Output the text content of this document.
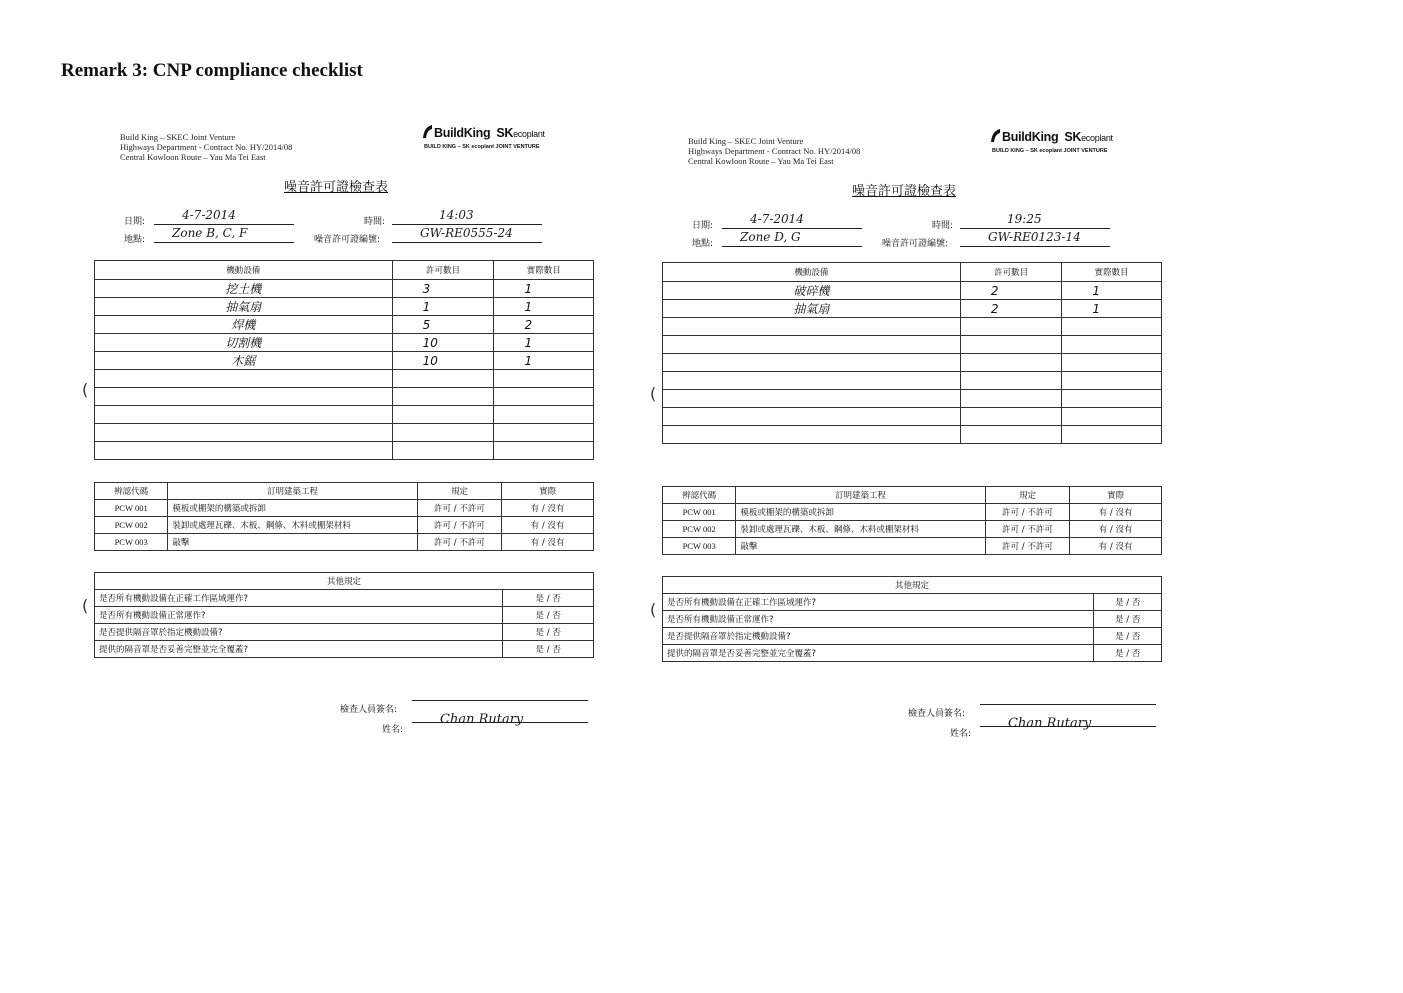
Remark 3: CNP compliance checklist
Build King – SKEC Joint Venture
Highways Department - Contract No. HY/2014/08
Central Kowloon Route – Yau Ma Tei East
BuildKing SKecoplant
BUILD KING – SK ecoplant JOINT VENTURE
噪音許可證檢查表
日期:	4-7-2014	時間:	14:03
地點: Zone B, C, F	噪音許可證編號:	GW-RE0555-24
機動設備	許可數目	實際數目
挖土機	3	1
抽氣扇	1	1
焊機	5	2
切割機	10	1
木鋸	10	1

辨認代碼	訂明建築工程	規定	實際
PCW 001	模板或棚架的構築或拆卸	許可 / 不許可	有 / 沒有
PCW 002	裝卸或處理瓦礫、木板、鋼條、木料或棚架材料	許可 / 不許可	有 / 沒有
PCW 003	敲擊	許可 / 不許可	有 / 沒有
其他規定	
是否所有機動設備在正確工作區域運作?	是 / 否
是否所有機動設備正常運作?	是 / 否
是否提供隔音罩於指定機動設備?	是 / 否
提供的隔音罩是否妥善完整並完全覆蓋?	是 / 否
檢查人員簽名:
姓名:
Chan Rutary
(
(
Build King – SKEC Joint Venture
Highways Department - Contract No. HY/2014/08
Central Kowloon Route – Yau Ma Tei East
BuildKing SKecoplant
BUILD KING – SK ecoplant JOINT VENTURE
噪音許可證檢查表
日期:	4-7-2014	時間:	19:25
地點: Zone D, G	噪音許可證編號:	GW-RE0123-14
機動設備	許可數目	實際數目
破碎機	2	1
抽氣扇	2	1

辨認代碼	訂明建築工程	規定	實際
PCW 001	模板或棚架的構築或拆卸	許可 / 不許可	有 / 沒有
PCW 002	裝卸或處理瓦礫、木板、鋼條、木料或棚架材料	許可 / 不許可	有 / 沒有
PCW 003	敲擊	許可 / 不許可	有 / 沒有
其他規定	
是否所有機動設備在正確工作區域運作?	是 / 否
是否所有機動設備正常運作?	是 / 否
是否提供隔音罩於指定機動設備?	是 / 否
提供的隔音罩是否妥善完整並完全覆蓋?	是 / 否
檢查人員簽名:
姓名:
Chan Rutary
(
(
